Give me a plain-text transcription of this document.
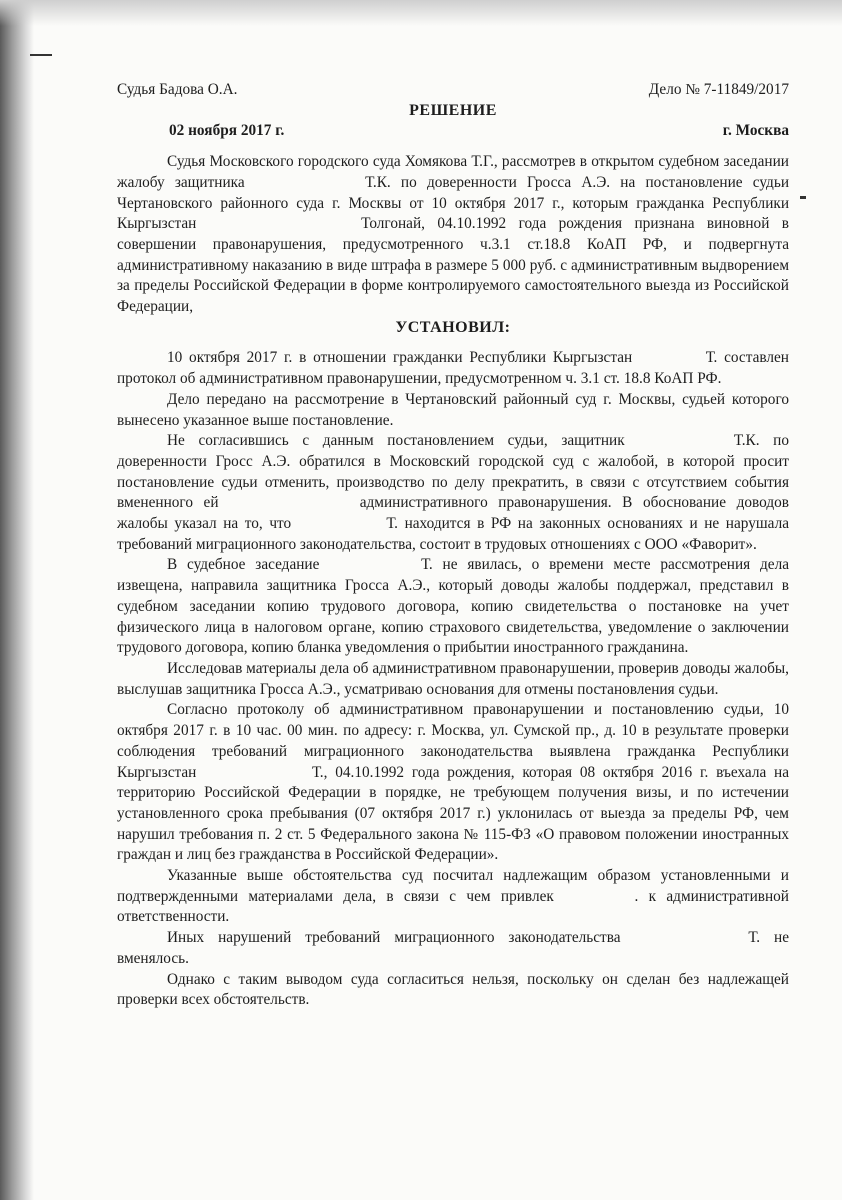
Судья Бадова О.А.	Дело № 7-11849/2017
РЕШЕНИЕ
02 ноября 2017 г.	г. Москва

Судья Московского городского суда Хомякова Т.Г., рассмотрев в открытом судебном заседании жалобу защитника	Т.К. по доверенности Гросса А.Э. на постановление судьи Чертановского районного суда г. Москвы от 10 октября 2017 г., которым гражданка Республики Кыргызстан	Толгонай, 04.10.1992 года рождения признана виновной в совершении правонарушения, предусмотренного ч.3.1 ст.18.8 КоАП РФ, и подвергнута административному наказанию в виде штрафа в размере 5 000 руб. с административным выдворением за пределы Российской Федерации в форме контролируемого самостоятельного выезда из Российской Федерации,

УСТАНОВИЛ:

10 октября 2017 г. в отношении гражданки Республики Кыргызстан	Т. составлен протокол об административном правонарушении, предусмотренном ч. 3.1 ст. 18.8 КоАП РФ.

Дело передано на рассмотрение в Чертановский районный суд г. Москвы, судьей которого вынесено указанное выше постановление.

Не согласившись с данным постановлением судьи, защитник	Т.К. по доверенности Гросс А.Э. обратился в Московский городской суд с жалобой, в которой просит постановление судьи отменить, производство по делу прекратить, в связи с отсутствием события вмененного ей	административного правонарушения. В обоснование доводов жалобы указал на то, что	Т. находится в РФ на законных основаниях и не нарушала требований миграционного законодательства, состоит в трудовых отношениях с ООО «Фаворит».

В судебное заседание	Т. не явилась, о времени месте рассмотрения дела извещена, направила защитника Гросса А.Э., который доводы жалобы поддержал, представил в судебном заседании копию трудового договора, копию свидетельства о постановке на учет физического лица в налоговом органе, копию страхового свидетельства, уведомление о заключении трудового договора, копию бланка уведомления о прибытии иностранного гражданина.

Исследовав материалы дела об административном правонарушении, проверив доводы жалобы, выслушав защитника Гросса А.Э., усматриваю основания для отмены постановления судьи.

Согласно протоколу об административном правонарушении и постановлению судьи, 10 октября 2017 г. в 10 час. 00 мин. по адресу: г. Москва, ул. Сумской пр., д. 10 в результате проверки соблюдения требований миграционного законодательства выявлена гражданка Республики Кыргызстан	Т., 04.10.1992 года рождения, которая 08 октября 2016 г. въехала на территорию Российской Федерации в порядке, не требующем получения визы, и по истечении установленного срока пребывания (07 октября 2017 г.) уклонилась от выезда за пределы РФ, чем нарушил требования п. 2 ст. 5 Федерального закона № 115-ФЗ «О правовом положении иностранных граждан и лиц без гражданства в Российской Федерации».

Указанные выше обстоятельства суд посчитал надлежащим образом установленными и подтвержденными материалами дела, в связи с чем привлек	. к административной ответственности.

Иных нарушений требований миграционного законодательства	Т. не вменялось.

Однако с таким выводом суда согласиться нельзя, поскольку он сделан без надлежащей проверки всех обстоятельств.
